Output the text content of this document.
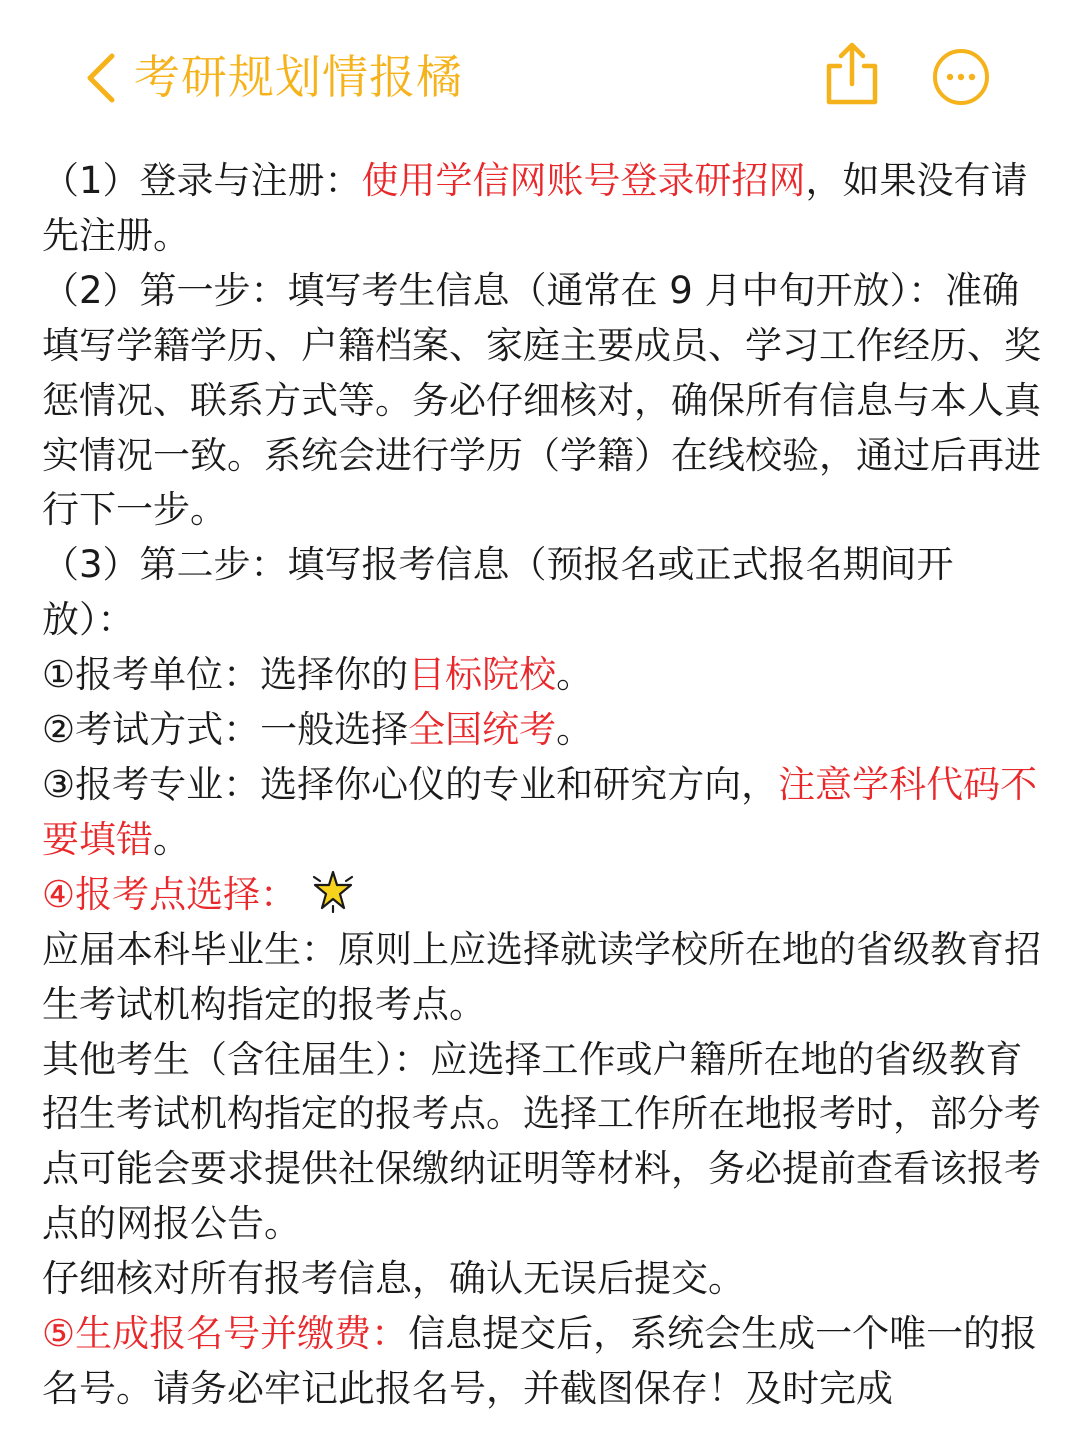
考研规划情报橘

（1）登录与注册：使用学信网账号登录研招网，如果没有请先注册。

（2）第一步：填写考生信息（通常在 9 月中旬开放）：准确填写学籍学历、户籍档案、家庭主要成员、学习工作经历、奖惩情况、联系方式等。务必仔细核对，确保所有信息与本人真实情况一致。系统会进行学历（学籍）在线校验，通过后再进行下一步。

（3）第二步：填写报考信息（预报名或正式报名期间开放）：

①报考单位：选择你的目标院校。

②考试方式：一般选择全国统考。

③报考专业：选择你心仪的专业和研究方向，注意学科代码不要填错。

④报考点选择：

应届本科毕业生：原则上应选择就读学校所在地的省级教育招生考试机构指定的报考点。

其他考生（含往届生）：应选择工作或户籍所在地的省级教育招生考试机构指定的报考点。选择工作所在地报考时，部分考点可能会要求提供社保缴纳证明等材料，务必提前查看该报考点的网报公告。

仔细核对所有报考信息，确认无误后提交。

⑤生成报名号并缴费：信息提交后，系统会生成一个唯一的报名号。请务必牢记此报名号，并截图保存！及时完成
